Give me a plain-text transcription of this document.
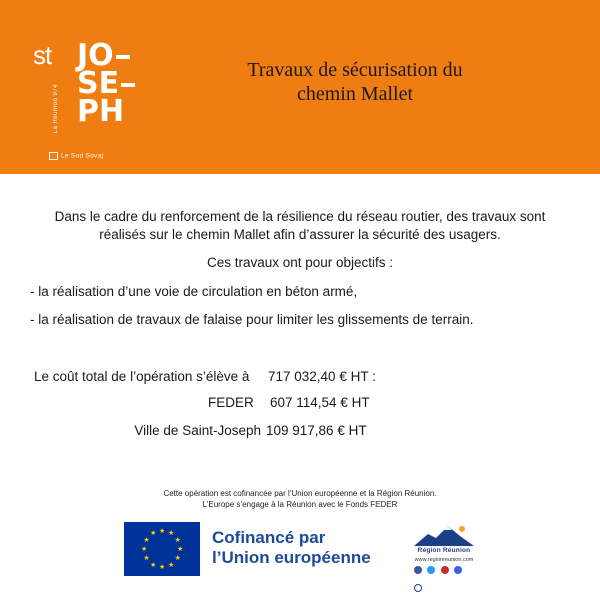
st
La Réunion 974
JO
SE
PH
Le Sud Sovaj
Travaux de sécurisation du
chemin Mallet
Dans le cadre du renforcement de la résilience du réseau routier, des travaux sont
réalisés sur le chemin Mallet afin d’assurer la sécurité des usagers.
Ces travaux ont pour objectifs :
- la réalisation d’une voie de circulation en béton armé,
- la réalisation de travaux de falaise pour limiter les glissements de terrain.
Le coût total de l’opération s’élève à 717 032,40 € HT :
FEDER 607 114,54 € HT
Ville de Saint-Joseph 109 917,86 € HT
Cette opération est cofinancée par l’Union européenne et la Région Réunion.
L’Europe s’engage à la Réunion avec le Fonds FEDER
★ ★
★
★
★
★
★
★
★
★
★
★	Cofinancé par
l’Union européenne	Région Réunion
www.regionreunion.com
